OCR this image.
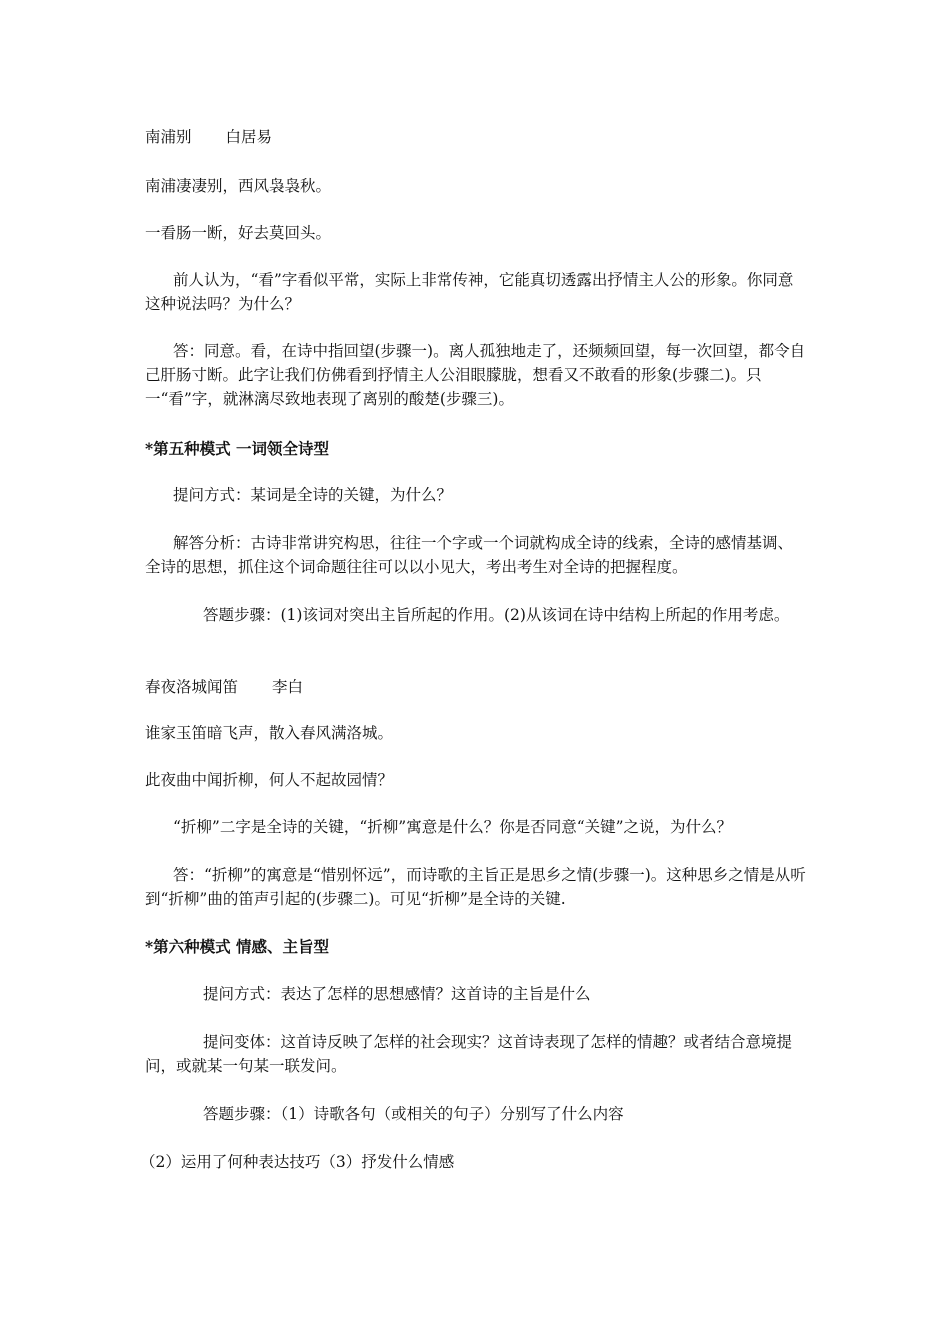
南浦别 白居易
南浦凄凄别，西风袅袅秋。
一看肠一断，好去莫回头。
前人认为，“看”字看似平常，实际上非常传神，它能真切透露出抒情主人公的形象。你同意这种说法吗？为什么？
答：同意。看，在诗中指回望(步骤一)。离人孤独地走了，还频频回望，每一次回望，都令自己肝肠寸断。此字让我们仿佛看到抒情主人公泪眼朦胧，想看又不敢看的形象(步骤二)。只一“看”字，就淋漓尽致地表现了离别的酸楚(步骤三)。
*第五种模式 一词领全诗型
提问方式：某词是全诗的关键，为什么？
解答分析：古诗非常讲究构思，往往一个字或一个词就构成全诗的线索，全诗的感情基调、全诗的思想，抓住这个词命题往往可以以小见大，考出考生对全诗的把握程度。
答题步骤：(1)该词对突出主旨所起的作用。(2)从该词在诗中结构上所起的作用考虑。
春夜洛城闻笛 李白
谁家玉笛暗飞声，散入春风满洛城。
此夜曲中闻折柳，何人不起故园情？
“折柳”二字是全诗的关键，“折柳”寓意是什么？你是否同意“关键”之说，为什么？
答：“折柳”的寓意是“惜别怀远”，而诗歌的主旨正是思乡之情(步骤一)。这种思乡之情是从听到“折柳”曲的笛声引起的(步骤二)。可见“折柳”是全诗的关键.
*第六种模式 情感、主旨型
提问方式：表达了怎样的思想感情？这首诗的主旨是什么
提问变体：这首诗反映了怎样的社会现实？这首诗表现了怎样的情趣？或者结合意境提问，或就某一句某一联发问。
答题步骤：（1）诗歌各句（或相关的句子）分别写了什么内容
（2）运用了何种表达技巧（3）抒发什么情感
